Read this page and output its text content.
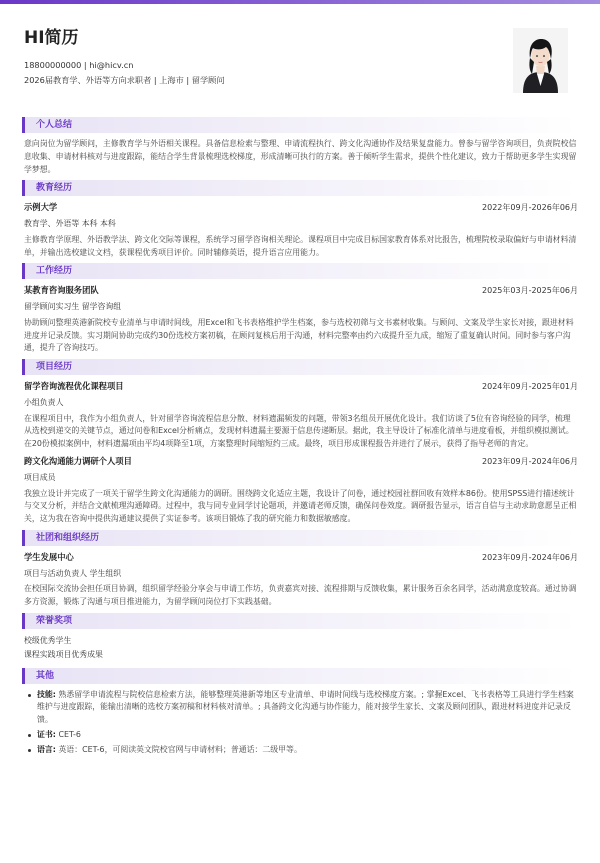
HI简历
18800000000 | hi@hicv.cn
2026届教育学、外语等方向求职者 | 上海市 | 留学顾问
个人总结
意向岗位为留学顾问，主修教育学与外语相关课程。具备信息检索与整理、申请流程执行、跨文化沟通协作及结果复盘能力。曾参与留学咨询项目，负责院校信息收集、申请材料核对与进度跟踪，能结合学生背景梳理选校梯度，形成清晰可执行的方案。善于倾听学生需求，提供个性化建议，致力于帮助更多学生实现留学梦想。
教育经历
示例大学	2022年09月-2026年06月
教育学、外语等 本科 本科
主修教育学原理、外语教学法、跨文化交际等课程，系统学习留学咨询相关理论。课程项目中完成目标国家教育体系对比报告，梳理院校录取偏好与申请材料清单，并输出选校建议文档，获课程优秀项目评价。同时辅修英语，提升语言应用能力。
工作经历
某教育咨询服务团队	2025年03月-2025年06月
留学顾问实习生 留学咨询组
协助顾问整理英港新院校专业清单与申请时间线，用Excel和飞书表格维护学生档案，参与选校初筛与文书素材收集。与顾问、文案及学生家长对接，跟进材料进度并记录反馈。实习期间协助完成约30份选校方案初稿，在顾问复核后用于沟通，材料完整率由约六成提升至九成，缩短了重复确认时间。同时参与客户沟通，提升了咨询技巧。
项目经历
留学咨询流程优化课程项目	2024年09月-2025年01月
小组负责人
在课程项目中，我作为小组负责人，针对留学咨询流程信息分散、材料遗漏频发的问题，带领3名组员开展优化设计。我们访谈了5位有咨询经验的同学，梳理从选校到递交的关键节点，通过问卷和Excel分析痛点，发现材料遗漏主要源于信息传递断层。据此，我主导设计了标准化清单与进度看板，并组织模拟测试。在20份模拟案例中，材料遗漏项由平均4项降至1项，方案整理时间缩短约三成。最终，项目形成课程报告并进行了展示，获得了指导老师的肯定。
跨文化沟通能力调研个人项目	2023年09月-2024年06月
项目成员
我独立设计并完成了一项关于留学生跨文化沟通能力的调研。围绕跨文化适应主题，我设计了问卷，通过校园社群回收有效样本86份。使用SPSS进行描述统计与交叉分析，并结合文献梳理沟通障碍。过程中，我与同专业同学讨论题项，并邀请老师反馈，确保问卷效度。调研报告显示，语言自信与主动求助意愿呈正相关，这为我在咨询中提供沟通建议提供了实证参考。该项目锻炼了我的研究能力和数据敏感度。
社团和组织经历
学生发展中心	2023年09月-2024年06月
项目与活动负责人 学生组织
在校国际交流协会担任项目协调，组织留学经验分享会与申请工作坊，负责嘉宾对接、流程排期与反馈收集，累计服务百余名同学，活动满意度较高。通过协调多方资源，锻炼了沟通与项目推进能力，为留学顾问岗位打下实践基础。
荣誉奖项
校级优秀学生
课程实践项目优秀成果
其他
技能: 熟悉留学申请流程与院校信息检索方法，能够整理英港新等地区专业清单、申请时间线与选校梯度方案。; 掌握Excel、飞书表格等工具进行学生档案维护与进度跟踪，能输出清晰的选校方案初稿和材料核对清单。; 具备跨文化沟通与协作能力，能对接学生家长、文案及顾问团队，跟进材料进度并记录反馈。
证书: CET-6
语言: 英语：CET-6，可阅读英文院校官网与申请材料；普通话：二级甲等。
